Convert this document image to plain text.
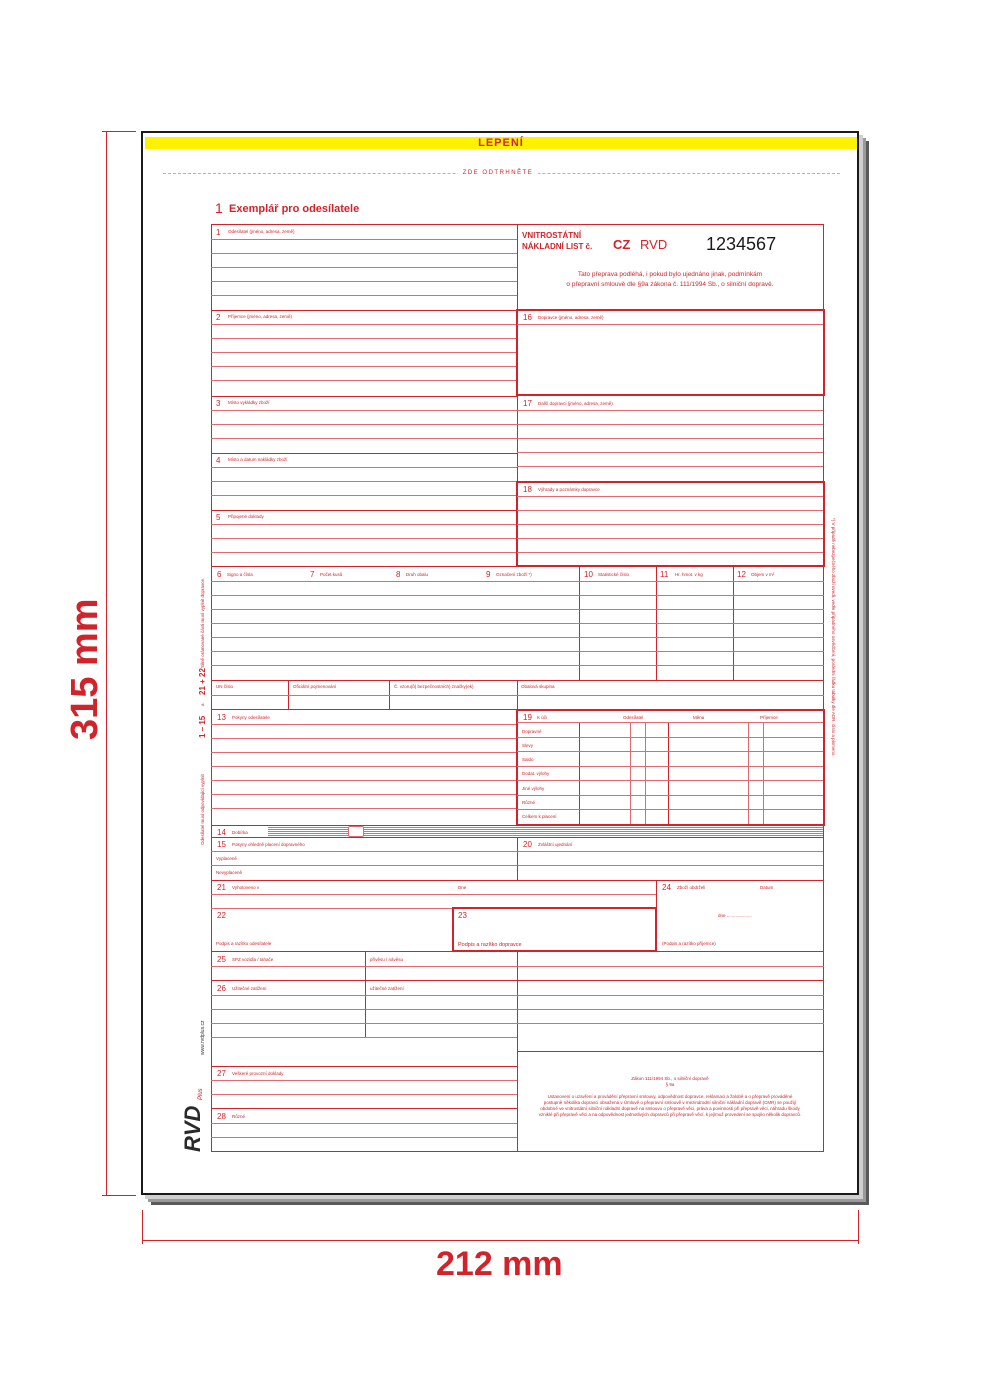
315 mm
212 mm
LEPENÍ
ZDE ODTRHNĚTE
1 Exemplář pro odesílatele
1 Odesílatel (jméno, adresa, země)
2 Příjemce (jméno, adresa, země)
3 Místo vykládky zboží
4 Místo a datum nakládky zboží
5 Připojené doklady
VNITROSTÁTNÍ
NÁKLADNÍ LIST č. CZ RVD 1234567
Tato přeprava podléhá, i pokud bylo ujednáno jinak, podmínkám
o přepravní smlouvě dle §9a zákona č. 111/1994 Sb., o silniční dopravě.
16 Dopravce (jméno, adresa, země)
17 Další dopravci (jméno, adresa, země)
18 Výhrady a poznámky dopravce
6 Signo a čísla	7 Počet kusů	8 Druh obalu	9 Označení zboží *)	10 Statistické číslo	11 Hr. hmot. v kg	12 Objem v m³
UN číslo	Oficiální pojmenování	Č. vzoru(ů) bezpečnostních) značky(ek)	Obalová skupina
13 Pokyny odesílatele	19 K úči	Odesílatel	Měna	Příjemce
Dopravné
Slevy
Saldo
Dodat. výlohy
Jiné výlohy
Různé
Celkem k placení
14 Dobírka
15 Pokyny ohledně placení dopravného
Vyplaceně
Nevyplaceně
20 Zvláštní ujednání
21 Vyhotoveno v	Dne	24 Zboží obdrželi	Datum
dne ....................
(Podpis a razítko příjemce)
22
Podpis a razítko odesílatele
23
Podpis a razítko dopravce
25 SPZ vozidla / tahače	přívěsu / návěsu
26 Užitečné zatížení	užitečné zatížení
27 Veškeré provozní doklady
28 Různé
Zákon 111/1994 Sb., o silniční dopravě
§ 9a
Ustanovení o uzavření a provádění přepravní smlouvy, odpovědnost dopravce, reklamaci a žalobě a o přepravě prováděné postupně několika dopravci obsažená v Úmluvě o přepravní smlouvě v mezinárodní silniční nákladní dopravě (CMR) se použijí obdobně ve vnitrostátní silniční nákladní dopravě na smlouvu o přepravě věci, práva a povinnosti při přepravě věci, náhradu škody vzniklé při přepravě věci a na odpovědnost jednotlivých dopravců při přepravě věcí, k jejímuž provedení se spojilo několik dopravců.
Odesílatel musí odpovídající vyplnit
1 – 15
a
21 + 22
Silně orámované části musí vyplnit dopravce.	*) V případě nebezpečného zboží uvedí, vedle případného osvědčení, poslední řádku tabulky dle ADR, číslo a písmeno.
www.rvdplus.cz
RVD
Plus
